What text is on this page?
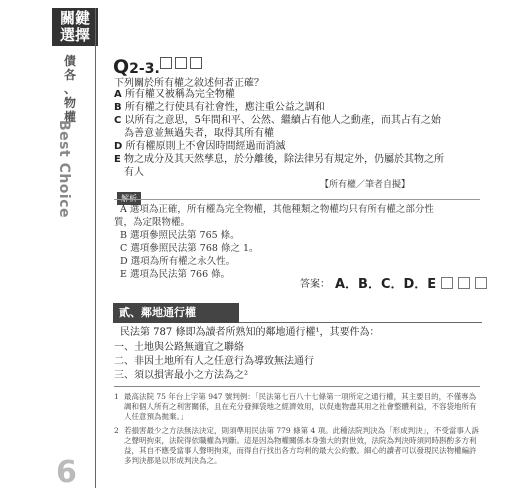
關鍵
選擇
債
各
、
物
權
Best Choice
6
Q2-3.
下列關於所有權之敘述何者正確？
A 所有權又被稱為完全物權
B 所有權之行使具有社會性，應注重公益之調和
C 以所有之意思，5年間和平、公然、繼續占有他人之動產，而其占有之始
為善意並無過失者，取得其所有權
D 所有權原則上不會因時間經過而消滅
E 物之成分及其天然孳息，於分離後，除法律另有規定外，仍屬於其物之所
有人
【所有權／筆者自擬】
A 選項為正確，所有權為完全物權，其他種類之物權均只有所有權之部分性
質，為定限物權。
B 選項參照民法第 765 條。
C 選項參照民法第 768 條之 1。
D 選項為所有權之永久性。
E 選項為民法第 766 條。
答案： A．B．C．D．E
貳、鄰地通行權
民法第 787 條即為讀者所熟知的鄰地通行權¹，其要件為：
一、土地與公路無適宜之聯絡
二、非因土地所有人之任意行為導致無法通行
三、須以損害最小之方法為之²
1 最高法院 75 年台上字第 947 號判例：「民法第七百八十七條第一項所定之通行權，其主要目的，不僅專為調和個人所有之利害關係，且在充分發揮袋地之經濟效用，以促進物盡其用之社會整體利益，不容袋地所有人任意預為拋棄。」
2 若損害最少之方法無法決定，則須準用民法第 779 條第 4 項。此種法院判決為「形成判決」，不受當事人訴之聲明拘束，法院得依職權為判斷。這是因為物權關係本身強大的對世效，法院為判決時須同時斟酌多方利益，其自不應受當事人聲明拘束，而得自行找出各方均利的最大公約數。細心的讀者可以發現民法物權編許多判決都是以形成判決為之。
